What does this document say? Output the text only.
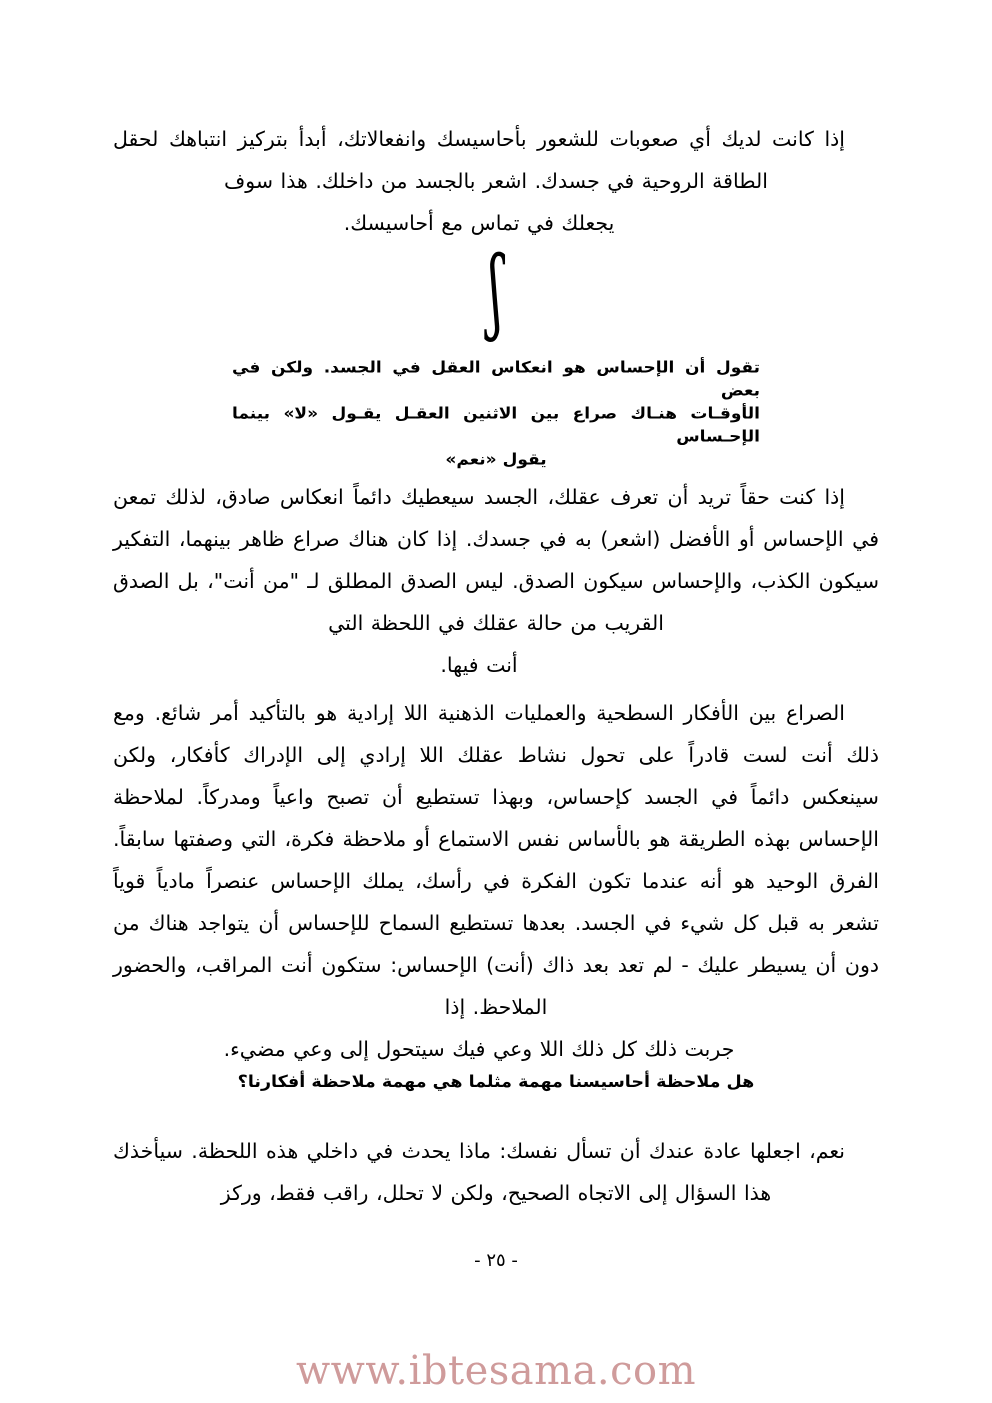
إذا كانت لديك أي صعوبات للشعور بأحاسيسك وانفعالاتك، أبدأ بتركيز انتباهك لحقل الطاقة الروحية في جسدك. اشعر بالجسد من داخلك. هذا سوف
يجعلك في تماس مع أحاسيسك.

إذا كنت حقاً تريد أن تعرف عقلك، الجسد سيعطيك دائماً انعكاس صادق، لذلك تمعن في الإحساس أو الأفضل (اشعر) به في جسدك. إذا كان هناك صراع ظاهر بينهما، التفكير سيكون الكذب، والإحساس سيكون الصدق. ليس الصدق المطلق لـ "من أنت"، بل الصدق القريب من حالة عقلك في اللحظة التي
أنت فيها.

الصراع بين الأفكار السطحية والعمليات الذهنية اللا إرادية هو بالتأكيد أمر شائع. ومع ذلك أنت لست قادراً على تحول نشاط عقلك اللا إرادي إلى الإدراك كأفكار، ولكن سينعكس دائماً في الجسد كإحساس، وبهذا تستطيع أن تصبح واعياً ومدركاً. لملاحظة الإحساس بهذه الطريقة هو بالأساس نفس الاستماع أو ملاحظة فكرة، التي وصفتها سابقاً. الفرق الوحيد هو أنه عندما تكون الفكرة في رأسك، يملك الإحساس عنصراً مادياً قوياً تشعر به قبل كل شيء في الجسد. بعدها تستطيع السماح للإحساس أن يتواجد هناك من دون أن يسيطر عليك - لم تعد بعد ذاك (أنت) الإحساس: ستكون أنت المراقب، والحضور الملاحظ. إذا
جربت ذلك كل ذلك اللا وعي فيك سيتحول إلى وعي مضيء.

نعم، اجعلها عادة عندك أن تسأل نفسك: ماذا يحدث في داخلي هذه اللحظة. سيأخذك هذا السؤال إلى الاتجاه الصحيح، ولكن لا تحلل، راقب فقط، وركز

ʃ
تقول أن الإحساس هو انعكاس العقل في الجسد. ولكن في بعض
الأوقـات هنـاك صراع بين الاثنين العقـل يقـول «لا» بينما الإحـساس
يقول «نعم»
هل ملاحظة أحاسيسنا مهمة مثلما هي مهمة ملاحظة أفكارنا؟
- ٢٥ -
www.ibtesama.com
